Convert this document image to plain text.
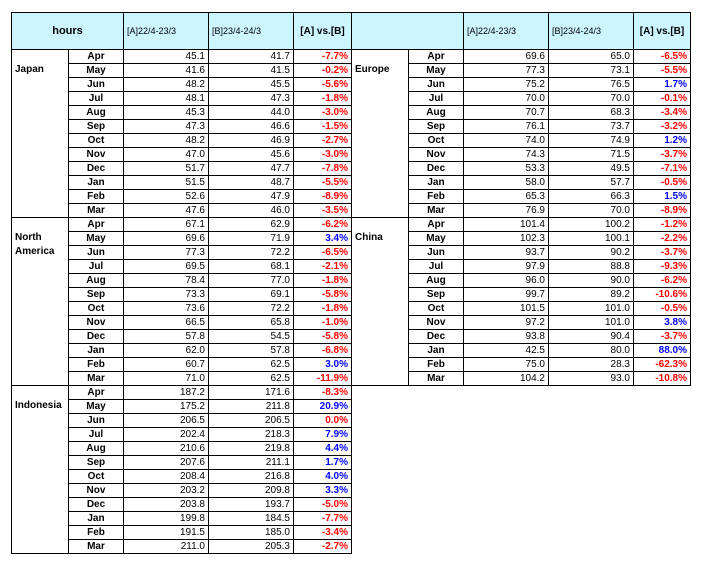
hours		[A]22/4-23/3	[B]23/4-24/3	[A] vs.[B]
Japan	Apr	45.1	41.7	-7.7%
	May	41.6	41.5	-0.2%
	Jun	48.2	45.5	-5.6%
	Jul	48.1	47.3	-1.8%
	Aug	45.3	44.0	-3.0%
	Sep	47.3	46.6	-1.5%
	Oct	48.2	46.9	-2.7%
	Nov	47.0	45.6	-3.0%
	Dec	51.7	47.7	-7.8%
	Jan	51.5	48.7	-5.5%
	Feb	52.6	47.9	-8.9%
	Mar	47.6	46.0	-3.5%
North America	Apr	67.1	62.9	-6.2%
	May	69.6	71.9	3.4%
	Jun	77.3	72.2	-6.5%
	Jul	69.5	68.1	-2.1%
	Aug	78.4	77.0	-1.8%
	Sep	73.3	69.1	-5.8%
	Oct	73.6	72.2	-1.8%
	Nov	66.5	65.8	-1.0%
	Dec	57.8	54.5	-5.8%
	Jan	62.0	57.8	-6.8%
	Feb	60.7	62.5	3.0%
	Mar	71.0	62.5	-11.9%
Indonesia	Apr	187.2	171.6	-8.3%
	May	175.2	211.8	20.9%
	Jun	206.5	206.5	0.0%
	Jul	202.4	218.3	7.9%
	Aug	210.6	219.8	4.4%
	Sep	207.6	211.1	1.7%
	Oct	208.4	216.8	4.0%
	Nov	203.2	209.8	3.3%
	Dec	203.8	193.7	-5.0%
	Jan	199.8	184.5	-7.7%
	Feb	191.5	185.0	-3.4%
	Mar	211.0	205.3	-2.7%
		[A]22/4-23/3	[B]23/4-24/3	[A] vs.[B]
Europe	Apr	69.6	65.0	-6.5%
	May	77.3	73.1	-5.5%
	Jun	75.2	76.5	1.7%
	Jul	70.0	70.0	-0.1%
	Aug	70.7	68.3	-3.4%
	Sep	76.1	73.7	-3.2%
	Oct	74.0	74.9	1.2%
	Nov	74.3	71.5	-3.7%
	Dec	53.3	49.5	-7.1%
	Jan	58.0	57.7	-0.5%
	Feb	65.3	66.3	1.5%
	Mar	76.9	70.0	-8.9%
China	Apr	101.4	100.2	-1.2%
	May	102.3	100.1	-2.2%
	Jun	93.7	90.2	-3.7%
	Jul	97.9	88.8	-9.3%
	Aug	96.0	90.0	-6.2%
	Sep	99.7	89.2	-10.6%
	Oct	101.5	101.0	-0.5%
	Nov	97.2	101.0	3.8%
	Dec	93.8	90.4	-3.7%
	Jan	42.5	80.0	88.0%
	Feb	75.0	28.3	-62.3%
	Mar	104.2	93.0	-10.8%
